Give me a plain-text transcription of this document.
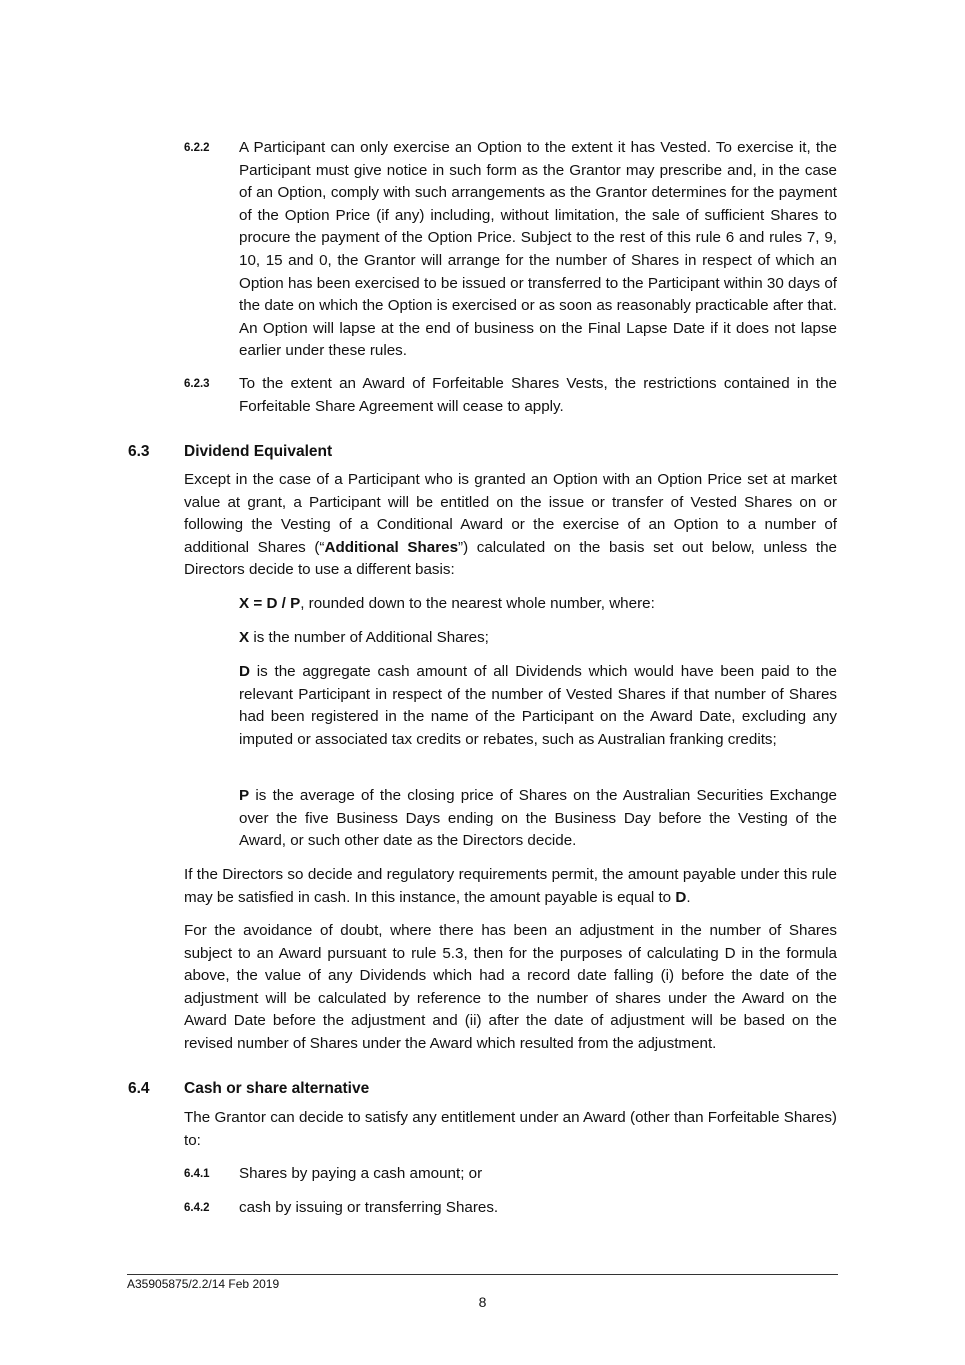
6.2.2 A Participant can only exercise an Option to the extent it has Vested. To exercise it, the Participant must give notice in such form as the Grantor may prescribe and, in the case of an Option, comply with such arrangements as the Grantor determines for the payment of the Option Price (if any) including, without limitation, the sale of sufficient Shares to procure the payment of the Option Price. Subject to the rest of this rule 6 and rules 7, 9, 10, 15 and 0, the Grantor will arrange for the number of Shares in respect of which an Option has been exercised to be issued or transferred to the Participant within 30 days of the date on which the Option is exercised or as soon as reasonably practicable after that. An Option will lapse at the end of business on the Final Lapse Date if it does not lapse earlier under these rules.

6.2.3 To the extent an Award of Forfeitable Shares Vests, the restrictions contained in the Forfeitable Share Agreement will cease to apply.

6.3 Dividend Equivalent

Except in the case of a Participant who is granted an Option with an Option Price set at market value at grant, a Participant will be entitled on the issue or transfer of Vested Shares on or following the Vesting of a Conditional Award or the exercise of an Option to a number of additional Shares (“Additional Shares”) calculated on the basis set out below, unless the Directors decide to use a different basis:

X = D / P, rounded down to the nearest whole number, where:

X is the number of Additional Shares;

D is the aggregate cash amount of all Dividends which would have been paid to the relevant Participant in respect of the number of Vested Shares if that number of Shares had been registered in the name of the Participant on the Award Date, excluding any imputed or associated tax credits or rebates, such as Australian franking credits;

P is the average of the closing price of Shares on the Australian Securities Exchange over the five Business Days ending on the Business Day before the Vesting of the Award, or such other date as the Directors decide.

If the Directors so decide and regulatory requirements permit, the amount payable under this rule may be satisfied in cash. In this instance, the amount payable is equal to D.

For the avoidance of doubt, where there has been an adjustment in the number of Shares subject to an Award pursuant to rule 5.3, then for the purposes of calculating D in the formula above, the value of any Dividends which had a record date falling (i) before the date of the adjustment will be calculated by reference to the number of shares under the Award on the Award Date before the adjustment and (ii) after the date of adjustment will be based on the revised number of Shares under the Award which resulted from the adjustment.

6.4 Cash or share alternative

The Grantor can decide to satisfy any entitlement under an Award (other than Forfeitable Shares) to:

6.4.1 Shares by paying a cash amount; or

6.4.2 cash by issuing or transferring Shares.

A35905875/2.2/14 Feb 2019
8
